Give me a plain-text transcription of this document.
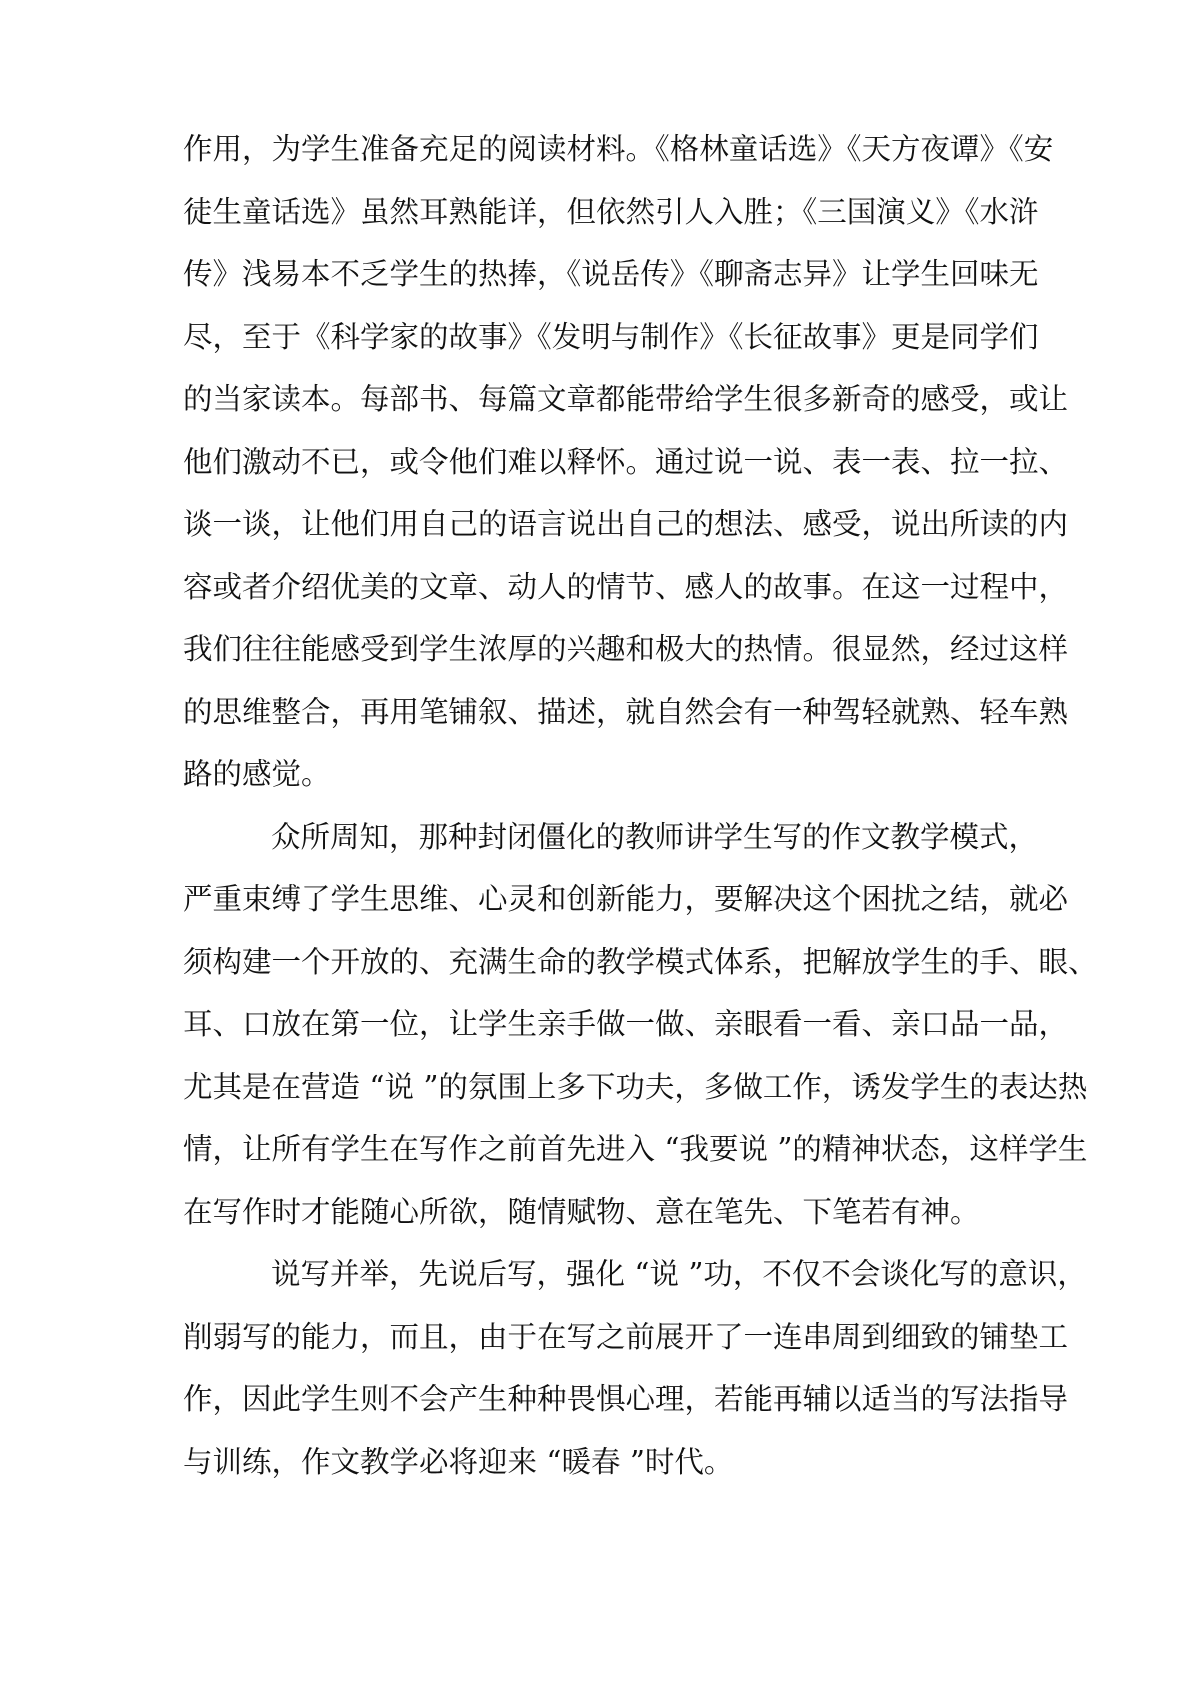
作用，为学生准备充足的阅读材料。《格林童话选》《天方夜谭》《安
徒生童话选》虽然耳熟能详，但依然引人入胜；《三国演义》《水浒
传》浅易本不乏学生的热捧，《说岳传》《聊斋志异》让学生回味无
尽，至于《科学家的故事》《发明与制作》《长征故事》更是同学们
的当家读本。每部书、每篇文章都能带给学生很多新奇的感受，或让
他们激动不已，或令他们难以释怀。通过说一说、表一表、拉一拉、
谈一谈，让他们用自己的语言说出自己的想法、感受，说出所读的内
容或者介绍优美的文章、动人的情节、感人的故事。在这一过程中，
我们往往能感受到学生浓厚的兴趣和极大的热情。很显然，经过这样
的思维整合，再用笔铺叙、描述，就自然会有一种驾轻就熟、轻车熟
路的感觉。

众所周知，那种封闭僵化的教师讲学生写的作文教学模式，
严重束缚了学生思维、心灵和创新能力，要解决这个困扰之结，就必
须构建一个开放的、充满生命的教学模式体系，把解放学生的手、眼、
耳、口放在第一位，让学生亲手做一做、亲眼看一看、亲口品一品，
尤其是在营造 “说 ”的氛围上多下功夫，多做工作，诱发学生的表达热
情，让所有学生在写作之前首先进入 “我要说 ”的精神状态，这样学生
在写作时才能随心所欲，随情赋物、意在笔先、下笔若有神。

说写并举，先说后写，强化 “说 ”功，不仅不会谈化写的意识，
削弱写的能力，而且，由于在写之前展开了一连串周到细致的铺垫工
作，因此学生则不会产生种种畏惧心理，若能再辅以适当的写法指导
与训练，作文教学必将迎来 “暖春 ”时代。
